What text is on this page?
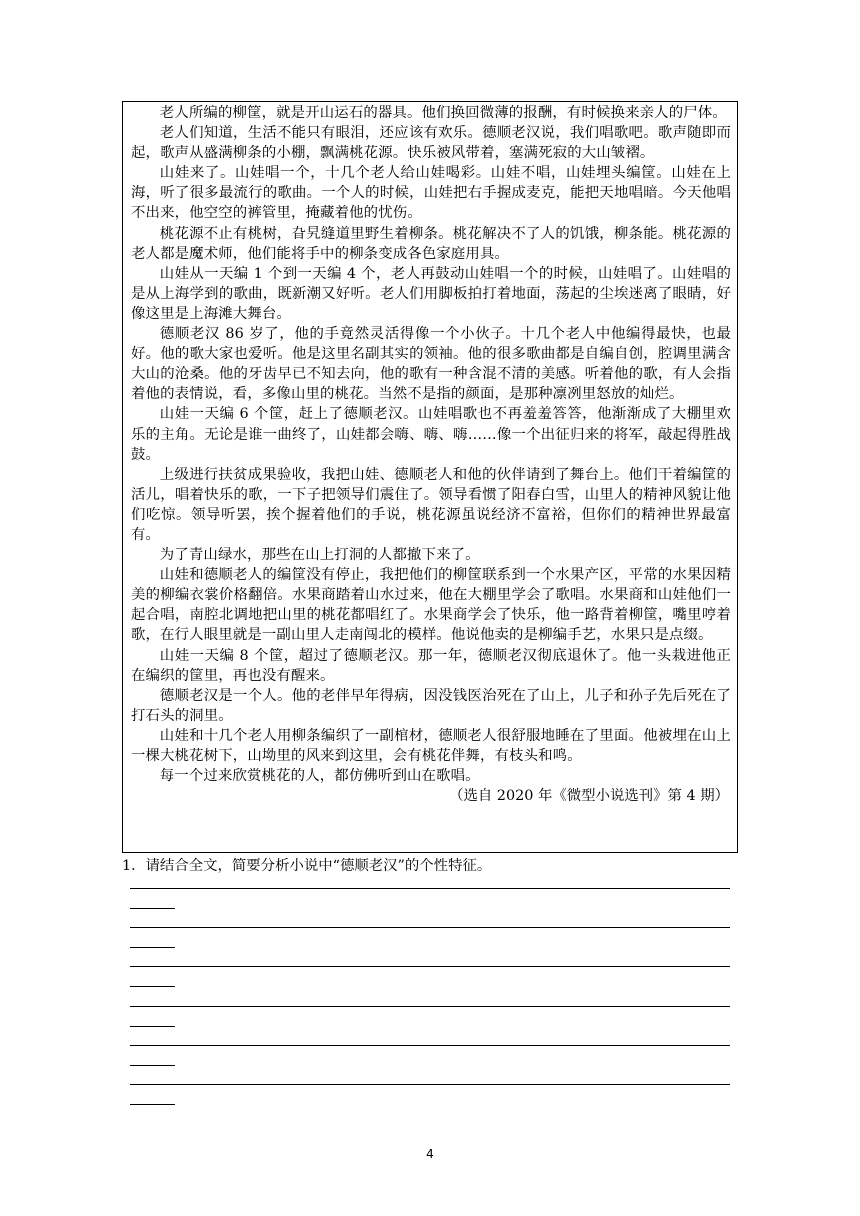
老人所编的柳筐，就是开山运石的器具。他们换回微薄的报酬，有时候换来亲人的尸体。

老人们知道，生活不能只有眼泪，还应该有欢乐。德顺老汉说，我们唱歌吧。歌声随即而起，歌声从盛满柳条的小棚，飘满桃花源。快乐被风带着，塞满死寂的大山皱褶。

山娃来了。山娃唱一个，十几个老人给山娃喝彩。山娃不唱，山娃埋头编筐。山娃在上海，听了很多最流行的歌曲。一个人的时候，山娃把右手握成麦克，能把天地唱暗。今天他唱不出来，他空空的裤管里，掩藏着他的忧伤。

桃花源不止有桃树，旮旯缝道里野生着柳条。桃花解决不了人的饥饿，柳条能。桃花源的老人都是魔术师，他们能将手中的柳条变成各色家庭用具。

山娃从一天编 1 个到一天编 4 个，老人再鼓动山娃唱一个的时候，山娃唱了。山娃唱的是从上海学到的歌曲，既新潮又好听。老人们用脚板拍打着地面，荡起的尘埃迷离了眼睛，好像这里是上海滩大舞台。

德顺老汉 86 岁了，他的手竟然灵活得像一个小伙子。十几个老人中他编得最快，也最好。他的歌大家也爱听。他是这里名副其实的领袖。他的很多歌曲都是自编自创，腔调里满含大山的沧桑。他的牙齿早已不知去向，他的歌有一种含混不清的美感。听着他的歌，有人会指着他的表情说，看，多像山里的桃花。当然不是指的颜面，是那种凛冽里怒放的灿烂。

山娃一天编 6 个筐，赶上了德顺老汉。山娃唱歌也不再羞羞答答，他渐渐成了大棚里欢乐的主角。无论是谁一曲终了，山娃都会嗨、嗨、嗨……像一个出征归来的将军，敲起得胜战鼓。

上级进行扶贫成果验收，我把山娃、德顺老人和他的伙伴请到了舞台上。他们干着编筐的活儿，唱着快乐的歌，一下子把领导们震住了。领导看惯了阳春白雪，山里人的精神风貌让他们吃惊。领导听罢，挨个握着他们的手说，桃花源虽说经济不富裕，但你们的精神世界最富有。

为了青山绿水，那些在山上打洞的人都撤下来了。

山娃和德顺老人的编筐没有停止，我把他们的柳筐联系到一个水果产区，平常的水果因精美的柳编衣裳价格翻倍。水果商踏着山水过来，他在大棚里学会了歌唱。水果商和山娃他们一起合唱，南腔北调地把山里的桃花都唱红了。水果商学会了快乐，他一路背着柳筐，嘴里哼着歌，在行人眼里就是一副山里人走南闯北的模样。他说他卖的是柳编手艺，水果只是点缀。

山娃一天编 8 个筐，超过了德顺老汉。那一年，德顺老汉彻底退休了。他一头栽进他正在编织的筐里，再也没有醒来。

德顺老汉是一个人。他的老伴早年得病，因没钱医治死在了山上，儿子和孙子先后死在了打石头的洞里。

山娃和十几个老人用柳条编织了一副棺材，德顺老人很舒服地睡在了里面。他被埋在山上一棵大桃花树下，山坳里的风来到这里，会有桃花伴舞，有枝头和鸣。

每一个过来欣赏桃花的人，都仿佛听到山在歌唱。

（选自 2020 年《微型小说选刊》第 4 期）

1．请结合全文，简要分析小说中“德顺老汉”的个性特征。

4
